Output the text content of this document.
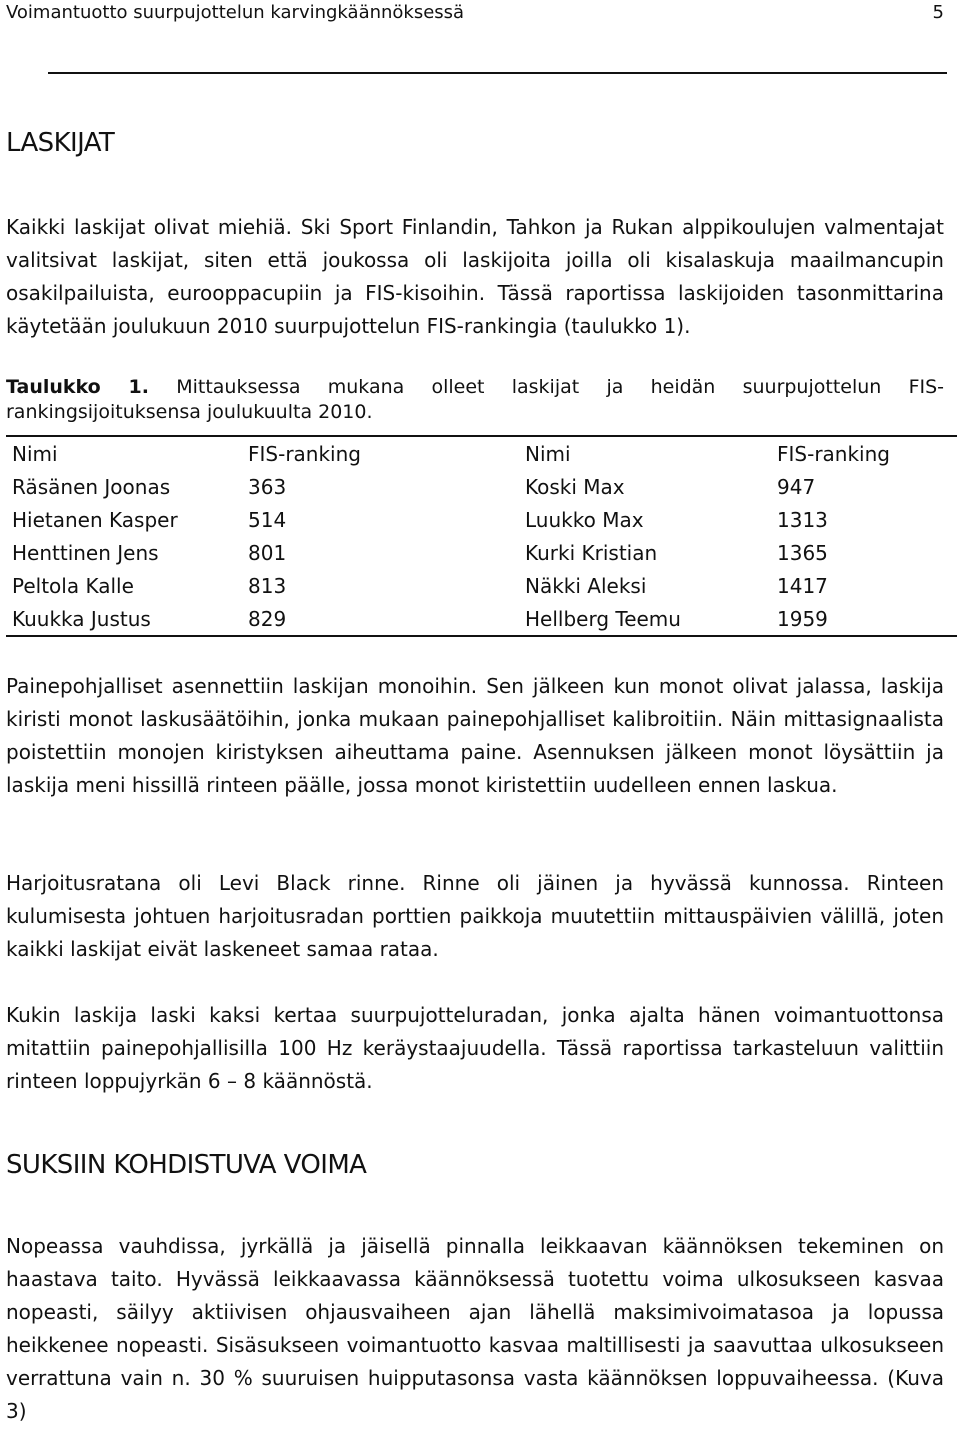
Voimantuotto suurpujottelun karvingkäännöksessä	5
LASKIJAT

Kaikki laskijat olivat miehiä. Ski Sport Finlandin, Tahkon ja Rukan alppikoulujen valmentajat valitsivat laskijat, siten että joukossa oli laskijoita joilla oli kisalaskuja maailmancupin osakilpailuista, eurooppacupiin ja FIS-kisoihin. Tässä raportissa laskijoiden tasonmittarina käytetään joulukuun 2010 suurpujottelun FIS-rankingia (taulukko 1).

Taulukko 1. Mittauksessa mukana olleet laskijat ja heidän suurpujottelun FIS-rankingsijoituksensa joulukuulta 2010.

Nimi	FIS-ranking	Nimi	FIS-ranking
Räsänen Joonas	363	Koski Max	947
Hietanen Kasper	514	Luukko Max	1313
Henttinen Jens	801	Kurki Kristian	1365
Peltola Kalle	813	Näkki Aleksi	1417
Kuukka Justus	829	Hellberg Teemu	1959

Painepohjalliset asennettiin laskijan monoihin. Sen jälkeen kun monot olivat jalassa, laskija kiristi monot laskusäätöihin, jonka mukaan painepohjalliset kalibroitiin. Näin mittasignaalista poistettiin monojen kiristyksen aiheuttama paine. Asennuksen jälkeen monot löysättiin ja laskija meni hissillä rinteen päälle, jossa monot kiristettiin uudelleen ennen laskua.

Harjoitusratana oli Levi Black rinne. Rinne oli jäinen ja hyvässä kunnossa. Rinteen kulumisesta johtuen harjoitusradan porttien paikkoja muutettiin mittauspäivien välillä, joten kaikki laskijat eivät laskeneet samaa rataa.

Kukin laskija laski kaksi kertaa suurpujotteluradan, jonka ajalta hänen voimantuottonsa mitattiin painepohjallisilla 100 Hz keräystaajuudella. Tässä raportissa tarkasteluun valittiin rinteen loppujyrkän 6 – 8 käännöstä.

SUKSIIN KOHDISTUVA VOIMA

Nopeassa vauhdissa, jyrkällä ja jäisellä pinnalla leikkaavan käännöksen tekeminen on haastava taito. Hyvässä leikkaavassa käännöksessä tuotettu voima ulkosukseen kasvaa nopeasti, säilyy aktiivisen ohjausvaiheen ajan lähellä maksimivoimatasoa ja lopussa heikkenee nopeasti. Sisäsukseen voimantuotto kasvaa maltillisesti ja saavuttaa ulkosukseen verrattuna vain n. 30 % suuruisen huipputasonsa vasta käännöksen loppuvaiheessa. (Kuva 3)
